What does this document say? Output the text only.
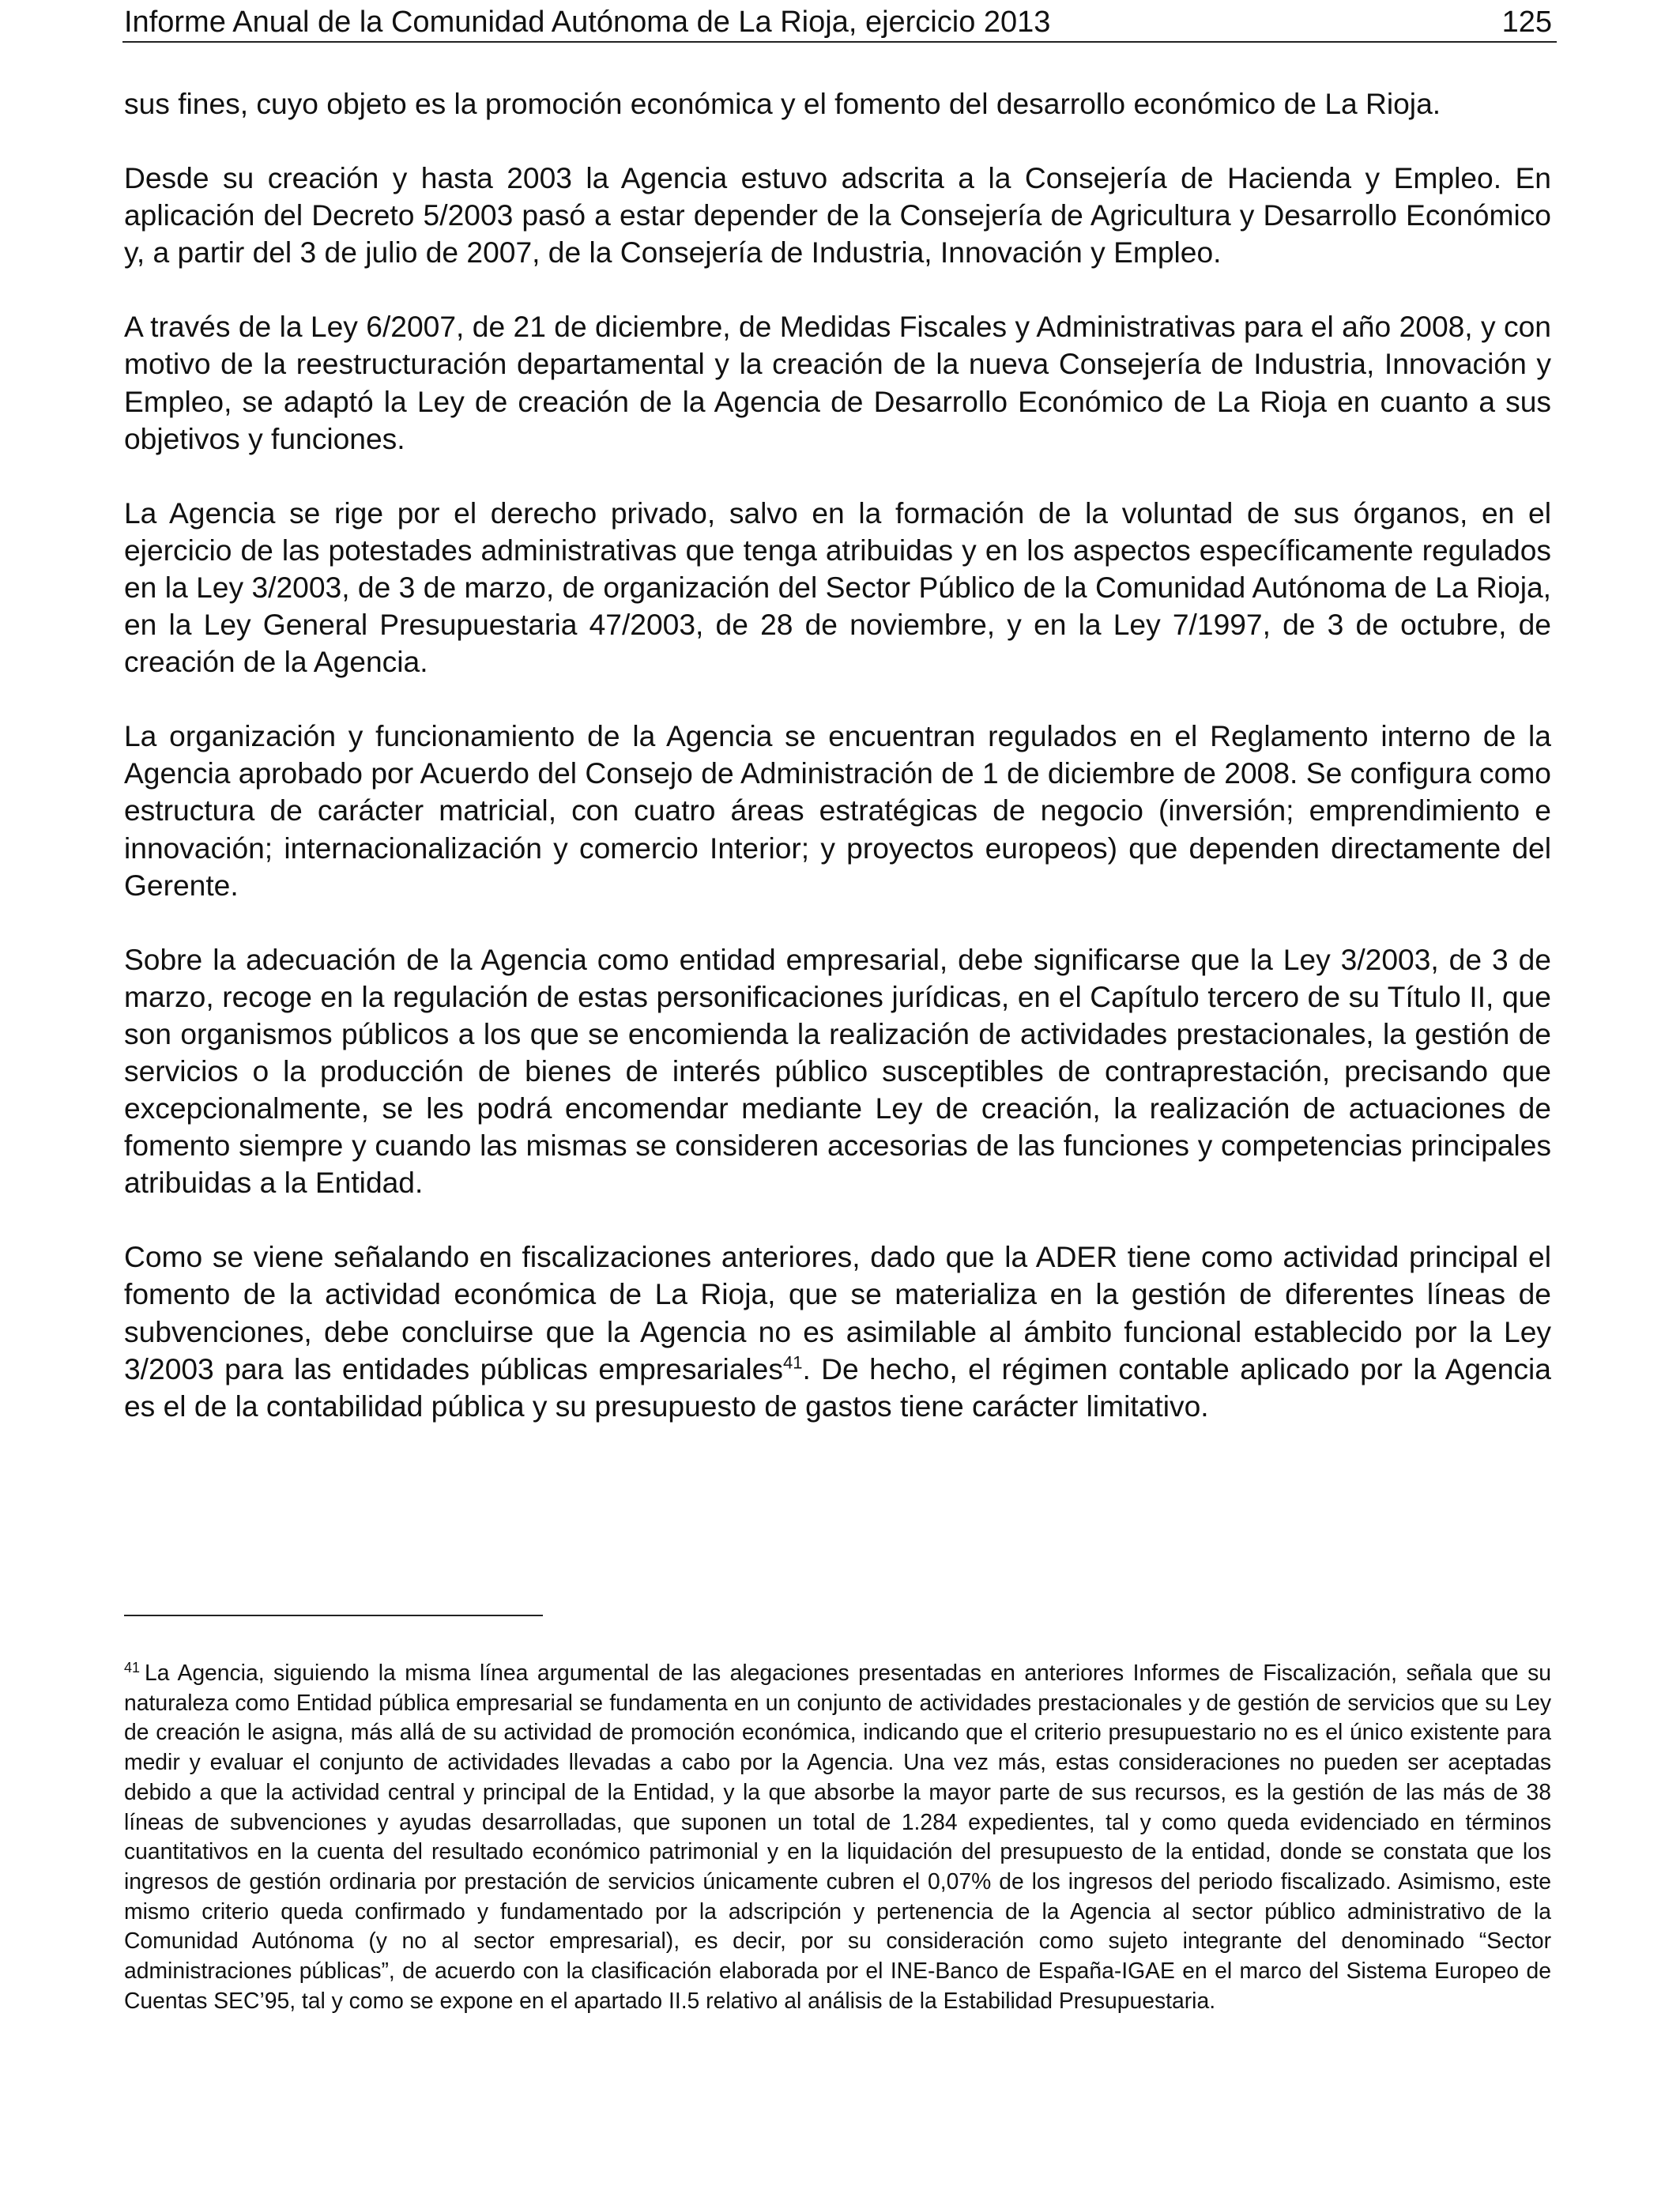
Informe Anual de la Comunidad Autónoma de La Rioja, ejercicio 2013	125

sus fines, cuyo objeto es la promoción económica y el fomento del desarrollo económico de La Rioja.

Desde su creación y hasta 2003 la Agencia estuvo adscrita a la Consejería de Hacienda y Empleo. En aplicación del Decreto 5/2003 pasó a estar depender de la Consejería de Agricultura y Desarrollo Económico y, a partir del 3 de julio de 2007, de la Consejería de Industria, Innovación y Empleo.

A través de la Ley 6/2007, de 21 de diciembre, de Medidas Fiscales y Administrativas para el año 2008, y con motivo de la reestructuración departamental y la creación de la nueva Consejería de Industria, Innovación y Empleo, se adaptó la Ley de creación de la Agencia de Desarrollo Económico de La Rioja en cuanto a sus objetivos y funciones.

La Agencia se rige por el derecho privado, salvo en la formación de la voluntad de sus órganos, en el ejercicio de las potestades administrativas que tenga atribuidas y en los aspectos específicamente regulados en la Ley 3/2003, de 3 de marzo, de organización del Sector Público de la Comunidad Autónoma de La Rioja, en la Ley General Presupuestaria 47/2003, de 28 de noviembre, y en la Ley 7/1997, de 3 de octubre, de creación de la Agencia.

La organización y funcionamiento de la Agencia se encuentran regulados en el Reglamento interno de la Agencia aprobado por Acuerdo del Consejo de Administración de 1 de diciembre de 2008. Se configura como estructura de carácter matricial, con cuatro áreas estratégicas de negocio (inversión; emprendimiento e innovación; internacionalización y comercio Interior; y proyectos europeos) que dependen directamente del Gerente.

Sobre la adecuación de la Agencia como entidad empresarial, debe significarse que la Ley 3/2003, de 3 de marzo, recoge en la regulación de estas personificaciones jurídicas, en el Capítulo tercero de su Título II, que son organismos públicos a los que se encomienda la realización de actividades prestacionales, la gestión de servicios o la producción de bienes de interés público susceptibles de contraprestación, precisando que excepcionalmente, se les podrá encomendar mediante Ley de creación, la realización de actuaciones de fomento siempre y cuando las mismas se consideren accesorias de las funciones y competencias principales atribuidas a la Entidad.

Como se viene señalando en fiscalizaciones anteriores, dado que la ADER tiene como actividad principal el fomento de la actividad económica de La Rioja, que se materializa en la gestión de diferentes líneas de subvenciones, debe concluirse que la Agencia no es asimilable al ámbito funcional establecido por la Ley 3/2003 para las entidades públicas empresariales$^{41}$. De hecho, el régimen contable aplicado por la Agencia es el de la contabilidad pública y su presupuesto de gastos tiene carácter limitativo.

$^{41}$ La Agencia, siguiendo la misma línea argumental de las alegaciones presentadas en anteriores Informes de Fiscalización, señala que su naturaleza como Entidad pública empresarial se fundamenta en un conjunto de actividades prestacionales y de gestión de servicios que su Ley de creación le asigna, más allá de su actividad de promoción económica, indicando que el criterio presupuestario no es el único existente para medir y evaluar el conjunto de actividades llevadas a cabo por la Agencia. Una vez más, estas consideraciones no pueden ser aceptadas debido a que la actividad central y principal de la Entidad, y la que absorbe la mayor parte de sus recursos, es la gestión de las más de 38 líneas de subvenciones y ayudas desarrolladas, que suponen un total de 1.284 expedientes, tal y como queda evidenciado en términos cuantitativos en la cuenta del resultado económico patrimonial y en la liquidación del presupuesto de la entidad, donde se constata que los ingresos de gestión ordinaria por prestación de servicios únicamente cubren el 0,07% de los ingresos del periodo fiscalizado. Asimismo, este mismo criterio queda confirmado y fundamentado por la adscripción y pertenencia de la Agencia al sector público administrativo de la Comunidad Autónoma (y no al sector empresarial), es decir, por su consideración como sujeto integrante del denominado “Sector administraciones públicas”, de acuerdo con la clasificación elaborada por el INE-Banco de España-IGAE en el marco del Sistema Europeo de Cuentas SEC’95, tal y como se expone en el apartado II.5 relativo al análisis de la Estabilidad Presupuestaria.
